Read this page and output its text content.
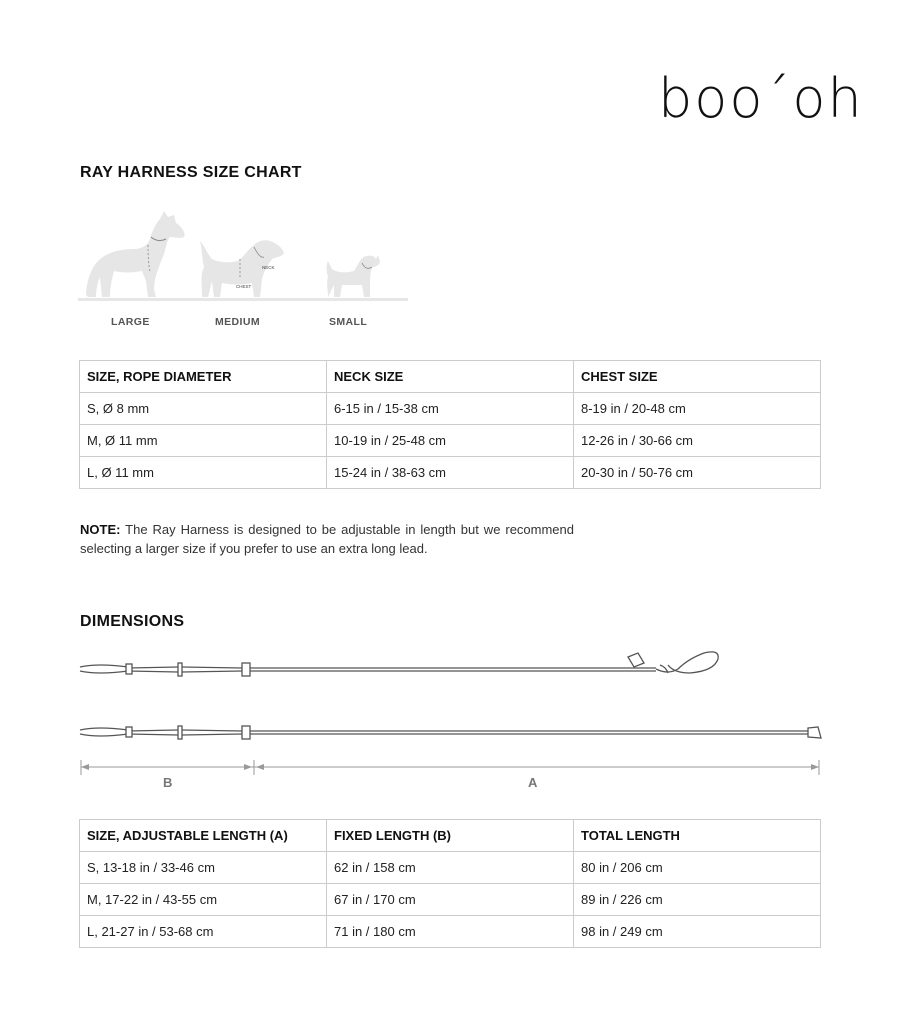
boo´oh
RAY HARNESS SIZE CHART
NECK
CHEST
LARGE	MEDIUM	SMALL
SIZE, ROPE DIAMETER	NECK SIZE	CHEST SIZE
S, Ø 8 mm	6-15 in / 15-38 cm	8-19 in / 20-48 cm
M, Ø 11 mm	10-19 in / 25-48 cm	12-26 in / 30-66 cm
L, Ø 11 mm	15-24 in / 38-63 cm	20-30 in / 50-76 cm

NOTE: The Ray Harness is designed to be adjustable in length but we recommend selecting a larger size if you prefer to use an extra long lead.

DIMENSIONS
B	A
SIZE, ADJUSTABLE LENGTH (A)	FIXED LENGTH (B)	TOTAL LENGTH
S, 13-18 in / 33-46 cm	62 in / 158 cm	80 in / 206 cm
M, 17-22 in / 43-55 cm	67 in / 170 cm	89 in / 226 cm
L, 21-27 in / 53-68 cm	71 in / 180 cm	98 in / 249 cm
